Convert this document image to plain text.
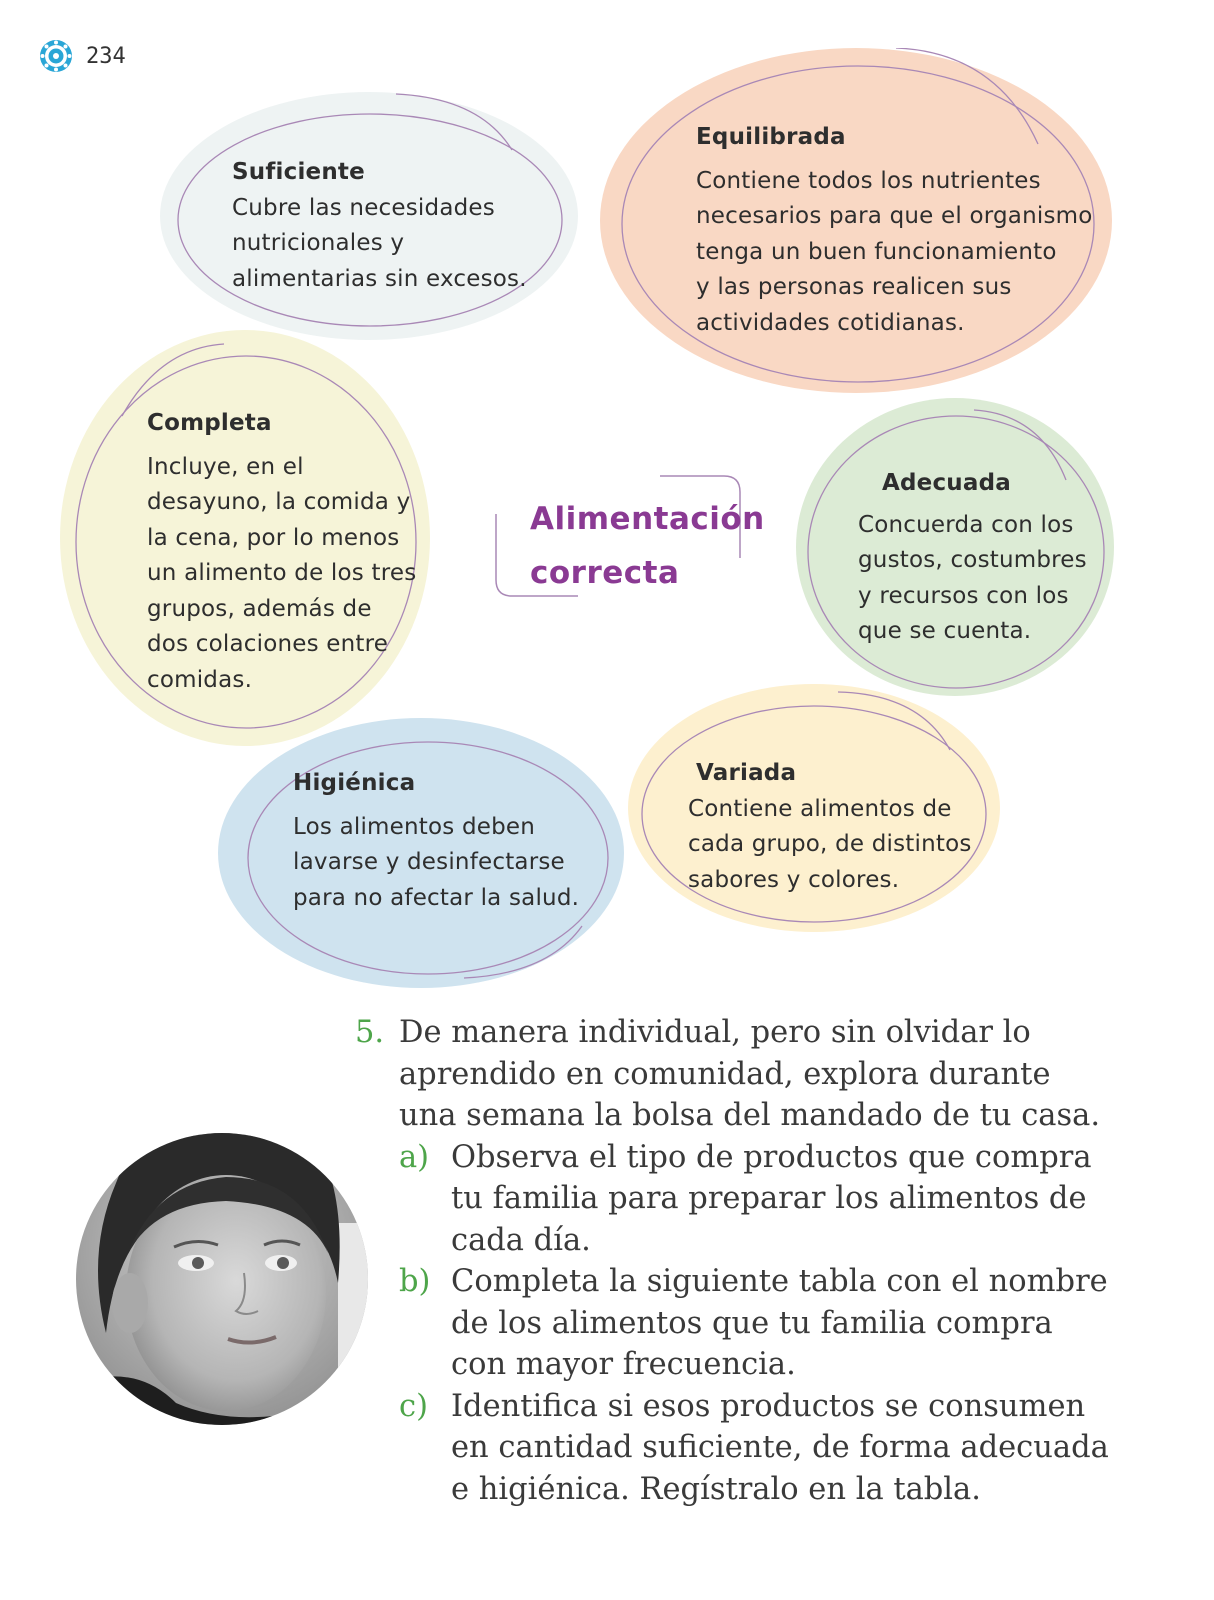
234
Suficiente
Cubre las necesidades
nutricionales y
alimentarias sin excesos.
Equilibrada
Contiene todos los nutrientes
necesarios para que el organismo
tenga un buen funcionamiento
y las personas realicen sus
actividades cotidianas.
Completa
Incluye, en el
desayuno, la comida y
la cena, por lo menos
un alimento de los tres
grupos, además de
dos colaciones entre
comidas.
Adecuada
Concuerda con los
gustos, costumbres
y recursos con los
que se cuenta.
Higiénica
Los alimentos deben
lavarse y desinfectarse
para no afectar la salud.
Variada
Contiene alimentos de
cada grupo, de distintos
sabores y colores.
Alimentación
correcta
5. De manera individual, pero sin olvidar lo
aprendido en comunidad, explora durante
una semana la bolsa del mandado de tu casa.
a) Observa el tipo de productos que compra
tu familia para preparar los alimentos de
cada día.
b) Completa la siguiente tabla con el nombre
de los alimentos que tu familia compra
con mayor frecuencia.
c) Identifica si esos productos se consumen
en cantidad suficiente, de forma adecuada
e higiénica. Regístralo en la tabla.
